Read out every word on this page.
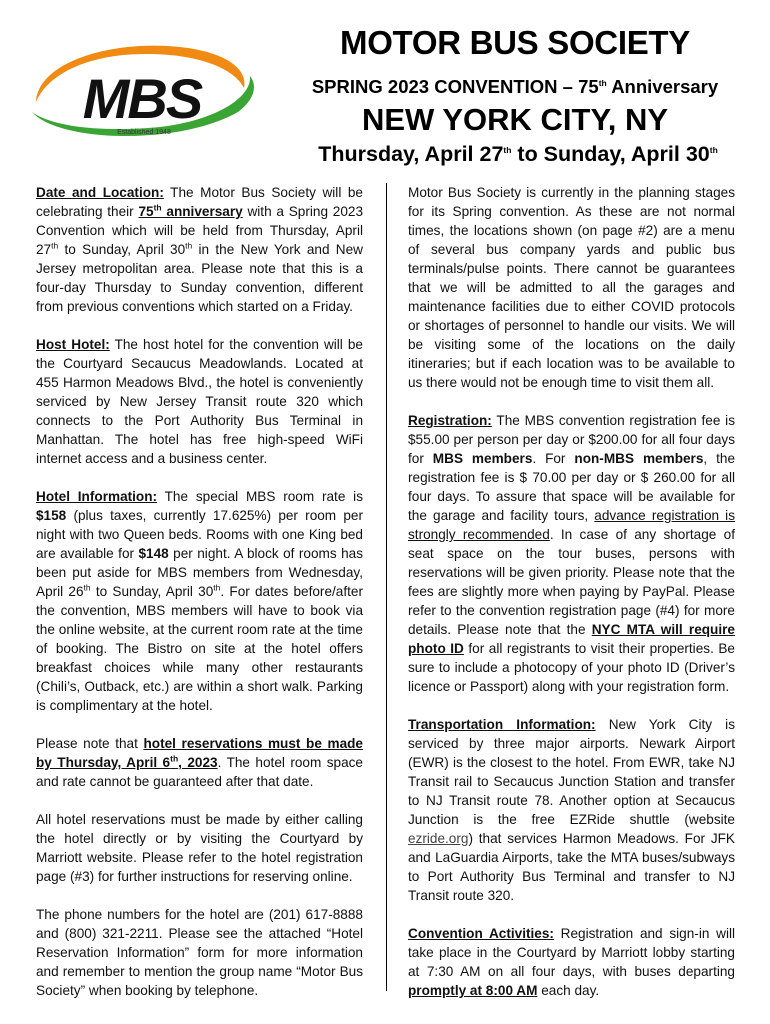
MBS
Established 1948
MOTOR BUS SOCIETY
SPRING 2023 CONVENTION – 75th Anniversary
NEW YORK CITY, NY
Thursday, April 27th to Sunday, April 30th

Date and Location: The Motor Bus Society will be celebrating their 75th anniversary with a Spring 2023 Convention which will be held from Thursday, April 27th to Sunday, April 30th in the New York and New Jersey metropolitan area. Please note that this is a four-day Thursday to Sunday convention, different from previous conventions which started on a Friday.

Host Hotel: The host hotel for the convention will be the Courtyard Secaucus Meadowlands. Located at 455 Harmon Meadows Blvd., the hotel is conveniently serviced by New Jersey Transit route 320 which connects to the Port Authority Bus Terminal in Manhattan. The hotel has free high-speed WiFi internet access and a business center.

Hotel Information: The special MBS room rate is $158 (plus taxes, currently 17.625%) per room per night with two Queen beds. Rooms with one King bed are available for $148 per night. A block of rooms has been put aside for MBS members from Wednesday, April 26th to Sunday, April 30th. For dates before/after the convention, MBS members will have to book via the online website, at the current room rate at the time of booking. The Bistro on site at the hotel offers breakfast choices while many other restaurants (Chili’s, Outback, etc.) are within a short walk. Parking is complimentary at the hotel.

Please note that hotel reservations must be made by Thursday, April 6th, 2023. The hotel room space and rate cannot be guaranteed after that date.

All hotel reservations must be made by either calling the hotel directly or by visiting the Courtyard by Marriott website. Please refer to the hotel registration page (#3) for further instructions for reserving online.

The phone numbers for the hotel are (201) 617-8888 and (800) 321-2211. Please see the attached “Hotel Reservation Information” form for more information and remember to mention the group name “Motor Bus Society” when booking by telephone.

Motor Bus Society is currently in the planning stages for its Spring convention. As these are not normal times, the locations shown (on page #2) are a menu of several bus company yards and public bus terminals/pulse points. There cannot be guarantees that we will be admitted to all the garages and maintenance facilities due to either COVID protocols or shortages of personnel to handle our visits. We will be visiting some of the locations on the daily itineraries; but if each location was to be available to us there would not be enough time to visit them all.

Registration: The MBS convention registration fee is $55.00 per person per day or $200.00 for all four days for MBS members. For non-MBS members, the registration fee is $ 70.00 per day or $ 260.00 for all four days. To assure that space will be available for the garage and facility tours, advance registration is strongly recommended. In case of any shortage of seat space on the tour buses, persons with reservations will be given priority. Please note that the fees are slightly more when paying by PayPal. Please refer to the convention registration page (#4) for more details. Please note that the NYC MTA will require photo ID for all registrants to visit their properties. Be sure to include a photocopy of your photo ID (Driver’s licence or Passport) along with your registration form.

Transportation Information: New York City is serviced by three major airports. Newark Airport (EWR) is the closest to the hotel. From EWR, take NJ Transit rail to Secaucus Junction Station and transfer to NJ Transit route 78. Another option at Secaucus Junction is the free EZRide shuttle (website ezride.org) that services Harmon Meadows. For JFK and LaGuardia Airports, take the MTA buses/subways to Port Authority Bus Terminal and transfer to NJ Transit route 320.

Convention Activities: Registration and sign-in will take place in the Courtyard by Marriott lobby starting at 7:30 AM on all four days, with buses departing promptly at 8:00 AM each day.
